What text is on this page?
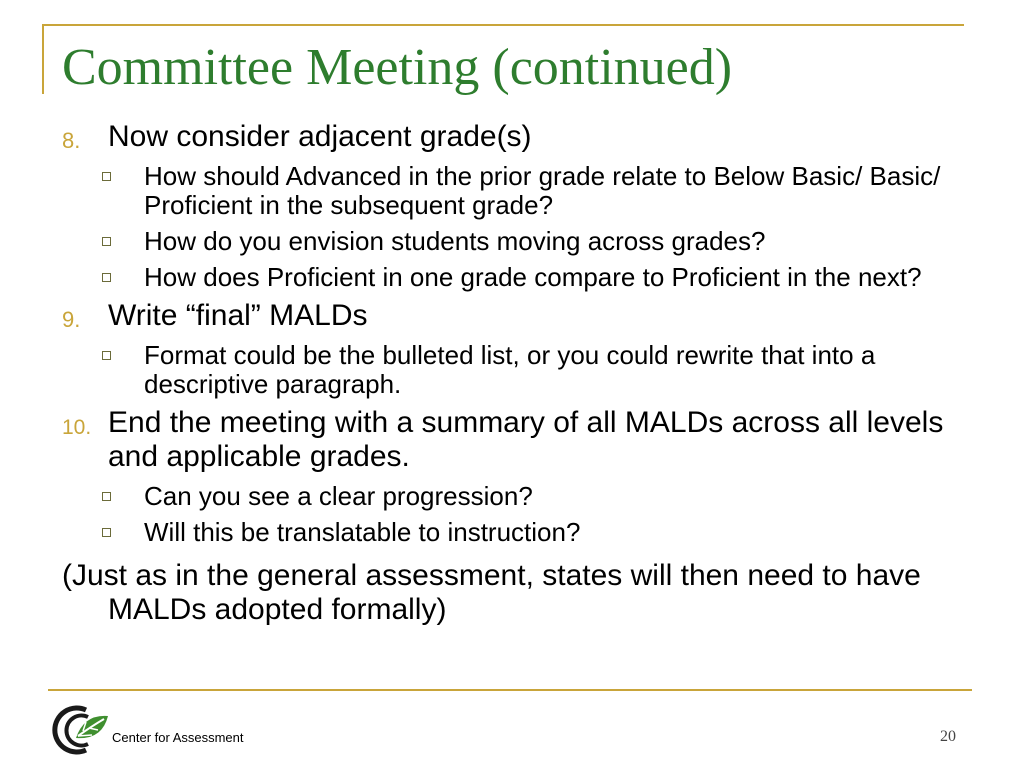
Committee Meeting (continued)
8. Now consider adjacent grade(s)
How should Advanced in the prior grade relate to Below Basic/ Basic/ Proficient in the subsequent grade?
How do you envision students moving across grades?
How does Proficient in one grade compare to Proficient in the next?
9. Write “final” MALDs
Format could be the bulleted list, or you could rewrite that into a descriptive paragraph.
10. End the meeting with a summary of all MALDs across all levels and applicable grades.
Can you see a clear progression?
Will this be translatable to instruction?
(Just as in the general assessment, states will then need to have MALDs adopted formally)
Center for Assessment	20
